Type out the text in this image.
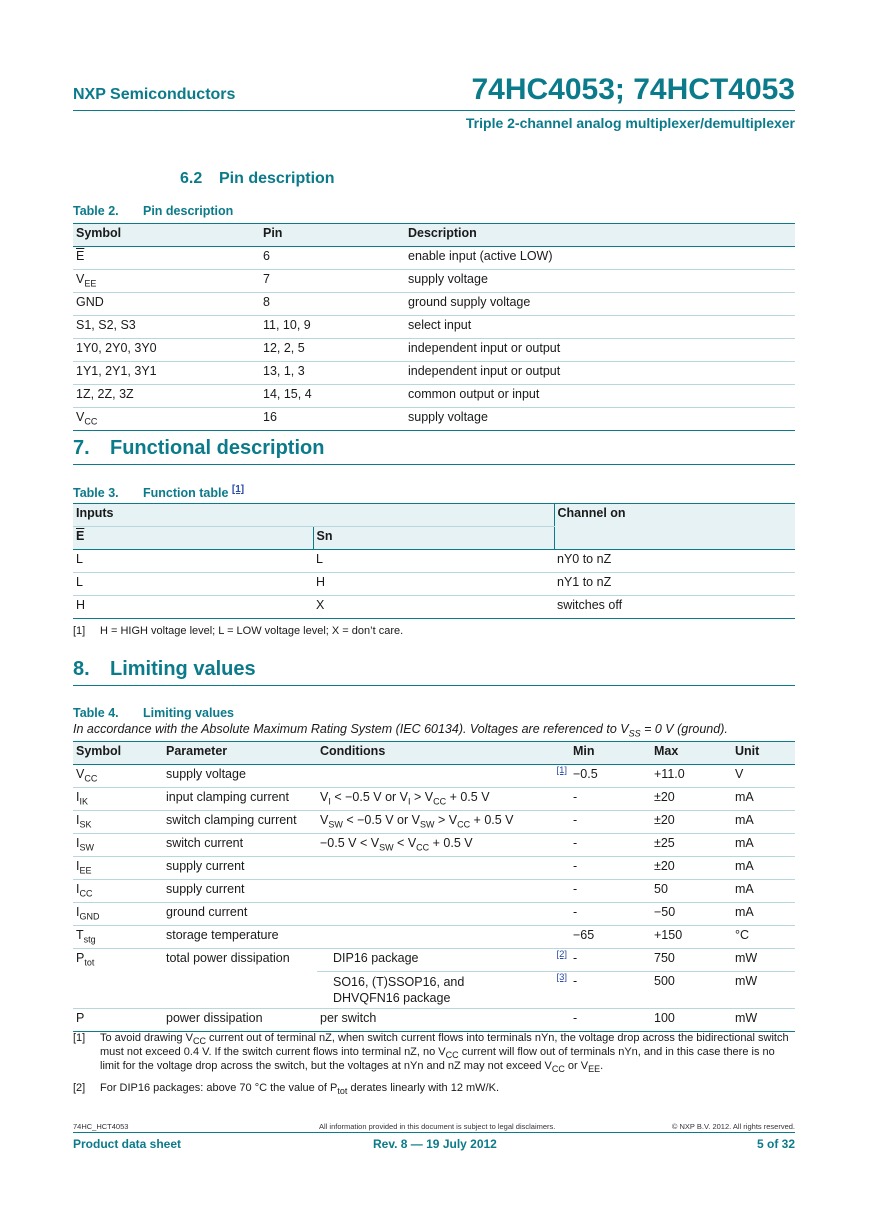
NXP Semiconductors	74HC4053; 74HCT4053
Triple 2-channel analog multiplexer/demultiplexer
6.2 Pin description
Table 2. Pin description
Symbol	Pin	Description
$\overline{E}$	6	enable input (active LOW)
$V_{EE}$	7	supply voltage
GND	8	ground supply voltage
S1, S2, S3	11, 10, 9	select input
1Y0, 2Y0, 3Y0	12, 2, 5	independent input or output
1Y1, 2Y1, 3Y1	13, 1, 3	independent input or output
1Z, 2Z, 3Z	14, 15, 4	common output or input
$V_{CC}$	16	supply voltage
7. Functional description
Table 3. Function table [1]
Inputs		Channel on
$\overline{E}$	Sn	
L	L	nY0 to nZ
L	H	nY1 to nZ
H	X	switches off
[1] H = HIGH voltage level; L = LOW voltage level; X = don’t care.
8. Limiting values
Table 4. Limiting values
In accordance with the Absolute Maximum Rating System (IEC 60134). Voltages are referenced to $V_{SS} = 0$ V (ground).
Symbol	Parameter	Conditions		Min	Max	Unit
$V_{CC}$	supply voltage		[1]	−0.5	+11.0	V
$I_{IK}$	input clamping current	$V_I < -0.5$ V or $V_I > V_{CC} + 0.5$ V		-	±20	mA
$I_{SK}$	switch clamping current	$V_{SW} < -0.5$ V or $V_{SW} > V_{CC} + 0.5$ V		-	±20	mA
$I_{SW}$	switch current	−0.5 $V < V_{SW} < V_{CC} + 0.5$ V		-	±25	mA
$I_{EE}$	supply current			-	±20	mA
$I_{CC}$	supply current			-	50	mA
$I_{GND}$	ground current			-	−50	mA
$T_{stg}$	storage temperature			−65	+150	°C
$P_{tot}$	total power dissipation	DIP16 package	[2]	-	750	mW
		SO16, (T)SSOP16, and DHVQFN16 package	[3]	-	500	mW
P	power dissipation	per switch		-	100	mW
[1] To avoid drawing $V_{CC}$ current out of terminal nZ, when switch current flows into terminals nYn, the voltage drop across the bidirectional switch must not exceed 0.4 V. If the switch current flows into terminal nZ, no $V_{CC}$ current will flow out of terminals nYn, and in this case there is no limit for the voltage drop across the switch, but the voltages at nYn and nZ may not exceed $V_{CC}$ or $V_{EE}$.
[2] For DIP16 packages: above 70 °C the value of $P_{tot}$ derates linearly with 12 mW/K.
74HC_HCT4053	All information provided in this document is subject to legal disclaimers.	© NXP B.V. 2012. All rights reserved.
Product data sheet	Rev. 8 — 19 July 2012	5 of 32
